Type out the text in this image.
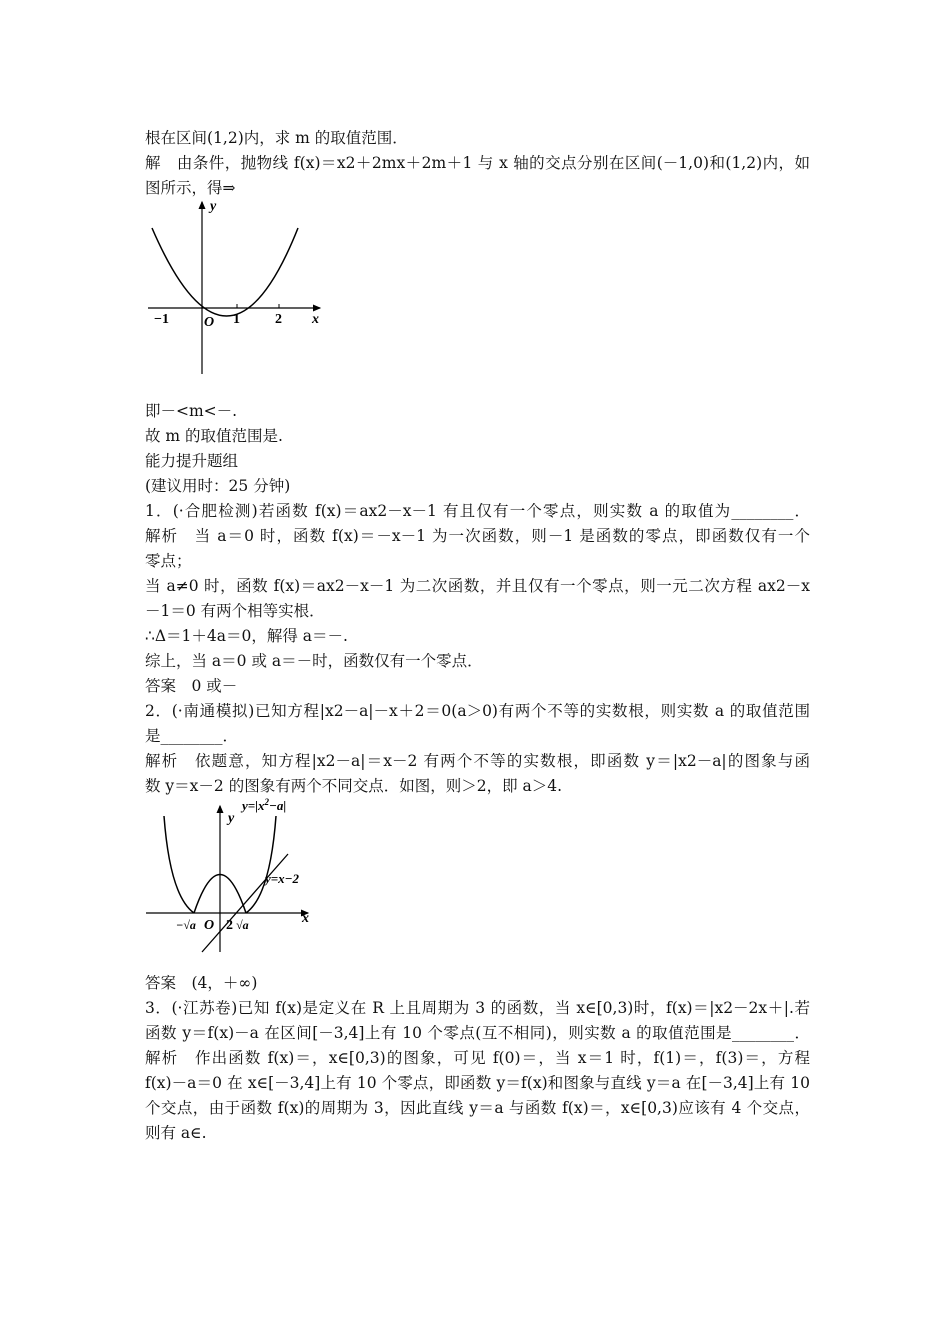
根在区间(1,2)内，求 m 的取值范围．
解　由条件，抛物线 f(x)＝x2＋2mx＋2m＋1 与 x 轴的交点分别在区间(－1,0)和(1,2)内，如
图所示，得⇒
即－<m<－.
故 m 的取值范围是.
能力提升题组
(建议用时：25 分钟)
1．(·合肥检测)若函数 f(x)＝ax2－x－1 有且仅有一个零点，则实数 a 的取值为________．
解析　当 a＝0 时，函数 f(x)＝－x－1 为一次函数，则－1 是函数的零点，即函数仅有一个
零点；
当 a≠0 时，函数 f(x)＝ax2－x－1 为二次函数，并且仅有一个零点，则一元二次方程 ax2－x
－1＝0 有两个相等实根．
∴Δ＝1＋4a＝0，解得 a＝－.
综上，当 a＝0 或 a＝－时，函数仅有一个零点．
答案　0 或－
2．(·南通模拟)已知方程|x2－a|－x＋2＝0(a＞0)有两个不等的实数根，则实数 a 的取值范围
是________．
解析　依题意，知方程|x2－a|＝x－2 有两个不等的实数根，即函数 y＝|x2－a|的图象与函
数 y＝x－2 的图象有两个不同交点．如图，则＞2，即 a＞4.
答案　(4，＋∞)
3．(·江苏卷)已知 f(x)是定义在 R 上且周期为 3 的函数，当 x∈[0,3)时，f(x)＝|x2－2x＋|.若
函数 y＝f(x)－a 在区间[－3,4]上有 10 个零点(互不相同)，则实数 a 的取值范围是________．
解析　作出函数 f(x)＝，x∈[0,3)的图象，可见 f(0)＝，当 x＝1 时，f(1)＝，f(3)＝，方程
f(x)－a＝0 在 x∈[－3,4]上有 10 个零点，即函数 y＝f(x)和图象与直线 y＝a 在[－3,4]上有 10
个交点，由于函数 f(x)的周期为 3，因此直线 y＝a 与函数 f(x)＝，x∈[0,3)应该有 4 个交点，
则有 a∈.
y
x
O
−1	1	2
$y=|x^2-a|$
y
x
y=x−2
O
−√a 2 √a
